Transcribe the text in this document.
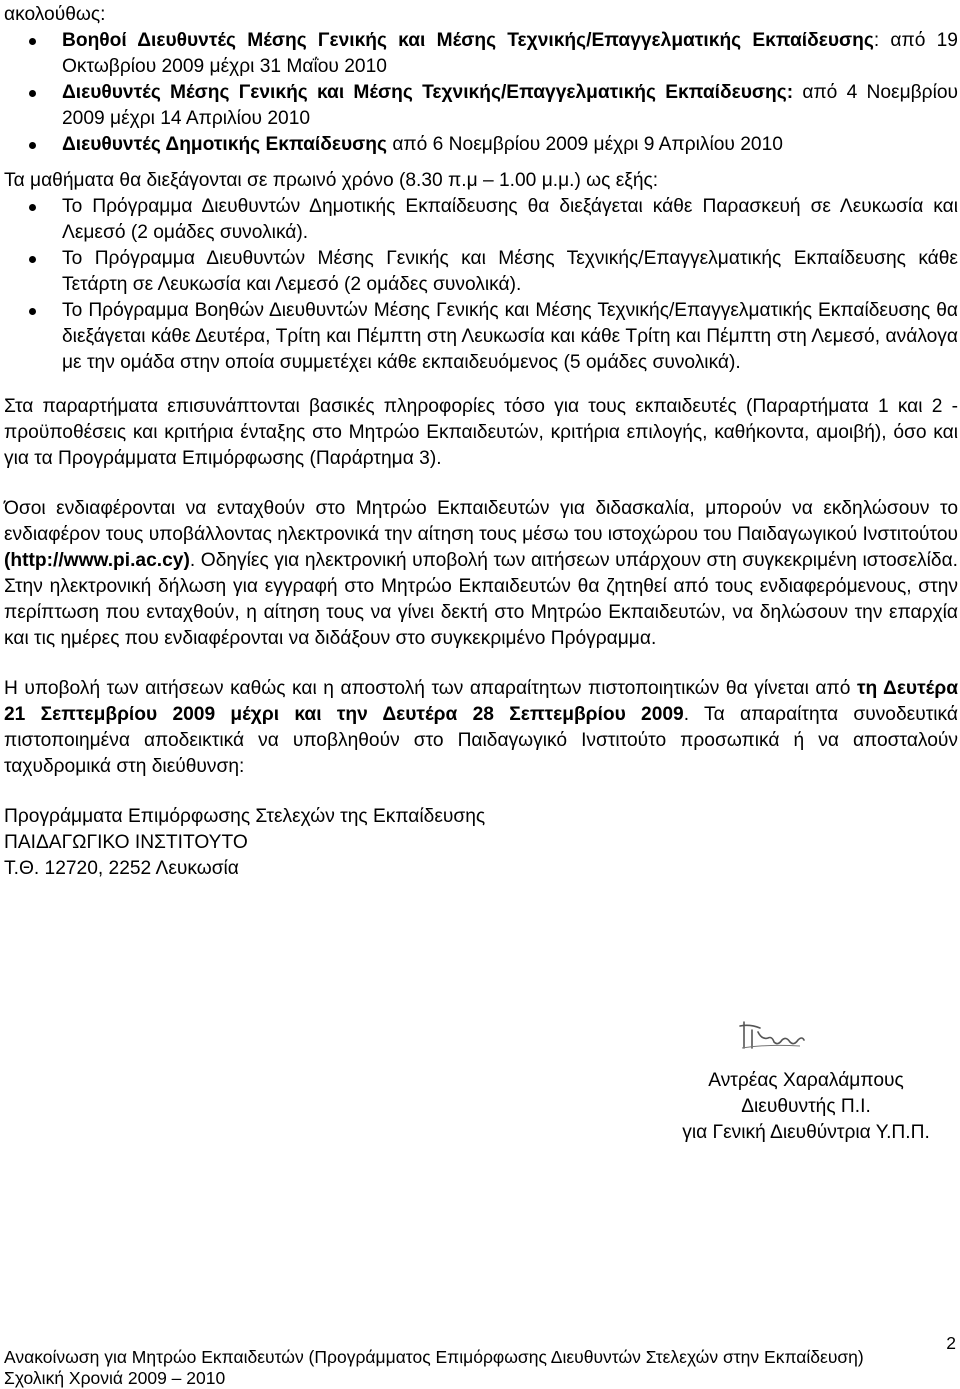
ακολούθως:

Βοηθοί Διευθυντές Μέσης Γενικής και Μέσης Τεχνικής/Επαγγελματικής Εκπαίδευσης: από 19 Οκτωβρίου 2009 μέχρι 31 Μαΐου 2010
Διευθυντές Μέσης Γενικής και Μέσης Τεχνικής/Επαγγελματικής Εκπαίδευσης: από 4 Νοεμβρίου 2009 μέχρι 14 Απριλίου 2010
Διευθυντές Δημοτικής Εκπαίδευσης από 6 Νοεμβρίου 2009 μέχρι 9 Απριλίου 2010

Τα μαθήματα θα διεξάγονται σε πρωινό χρόνο (8.30 π.μ – 1.00 μ.μ.) ως εξής:

Το Πρόγραμμα Διευθυντών Δημοτικής Εκπαίδευσης θα διεξάγεται κάθε Παρασκευή σε Λευκωσία και Λεμεσό (2 ομάδες συνολικά).
Το Πρόγραμμα Διευθυντών Μέσης Γενικής και Μέσης Τεχνικής/Επαγγελματικής Εκπαίδευσης κάθε Τετάρτη σε Λευκωσία και Λεμεσό (2 ομάδες συνολικά).
Το Πρόγραμμα Βοηθών Διευθυντών Μέσης Γενικής και Μέσης Τεχνικής/Επαγγελματικής Εκπαίδευσης θα διεξάγεται κάθε Δευτέρα, Τρίτη και Πέμπτη στη Λευκωσία και κάθε Τρίτη και Πέμπτη στη Λεμεσό, ανάλογα με την ομάδα στην οποία συμμετέχει κάθε εκπαιδευόμενος (5 ομάδες συνολικά).

Στα παραρτήματα επισυνάπτονται βασικές πληροφορίες τόσο για τους εκπαιδευτές (Παραρτήματα 1 και 2 - προϋποθέσεις και κριτήρια ένταξης στο Μητρώο Εκπαιδευτών, κριτήρια επιλογής, καθήκοντα, αμοιβή), όσο και για τα Προγράμματα Επιμόρφωσης (Παράρτημα 3).

Όσοι ενδιαφέρονται να ενταχθούν στο Μητρώο Εκπαιδευτών για διδασκαλία, μπορούν να εκδηλώσουν το ενδιαφέρον τους υποβάλλοντας ηλεκτρονικά την αίτηση τους μέσω του ιστοχώρου του Παιδαγωγικού Ινστιτούτου (http://www.pi.ac.cy). Οδηγίες για ηλεκτρονική υποβολή των αιτήσεων υπάρχουν στη συγκεκριμένη ιστοσελίδα. Στην ηλεκτρονική δήλωση για εγγραφή στο Μητρώο Εκπαιδευτών θα ζητηθεί από τους ενδιαφερόμενους, στην περίπτωση που ενταχθούν, η αίτηση τους να γίνει δεκτή στο Μητρώο Εκπαιδευτών, να δηλώσουν την επαρχία και τις ημέρες που ενδιαφέρονται να διδάξουν στο συγκεκριμένο Πρόγραμμα.

Η υποβολή των αιτήσεων καθώς και η αποστολή των απαραίτητων πιστοποιητικών θα γίνεται από τη Δευτέρα 21 Σεπτεμβρίου 2009 μέχρι και την Δευτέρα 28 Σεπτεμβρίου 2009. Τα απαραίτητα συνοδευτικά πιστοποιημένα αποδεικτικά να υποβληθούν στο Παιδαγωγικό Ινστιτούτο προσωπικά ή να αποσταλούν ταχυδρομικά στη διεύθυνση:

Προγράμματα Επιμόρφωσης Στελεχών της Εκπαίδευσης

ΠΑΙΔΑΓΩΓΙΚΟ ΙΝΣΤΙΤΟΥΤΟ

Τ.Θ. 12720, 2252 Λευκωσία

Αντρέας Χαραλάμπους

Διευθυντής Π.Ι.

για Γενική Διευθύντρια Υ.Π.Π.

2

Ανακοίνωση για Μητρώο Εκπαιδευτών (Προγράμματος Επιμόρφωσης Διευθυντών Στελεχών στην Εκπαίδευση)

Σχολική Χρονιά 2009 – 2010
